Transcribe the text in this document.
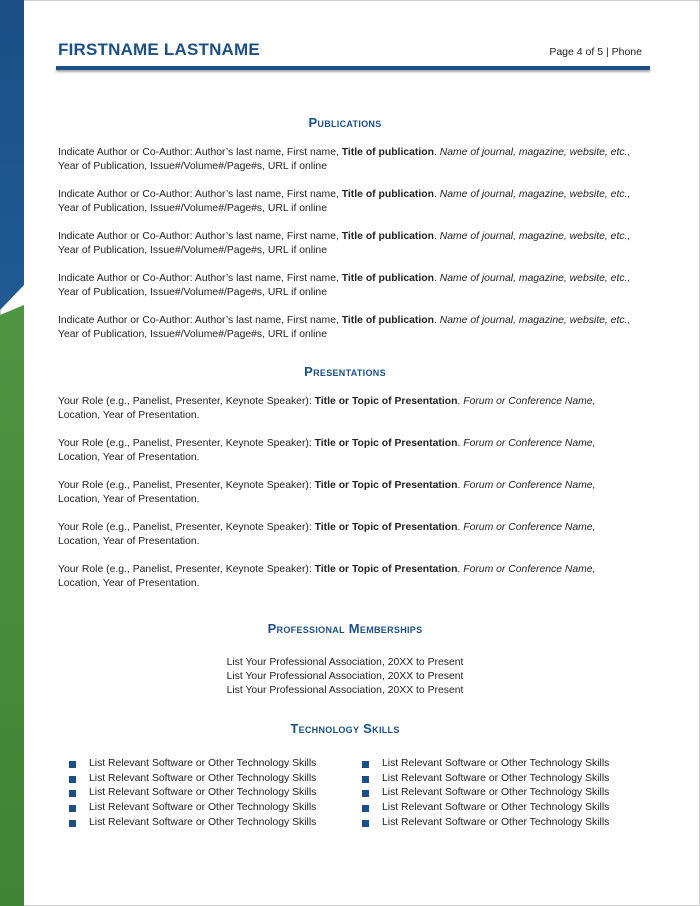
FIRSTNAME LASTNAME	Page 4 of 5 | Phone
Publications
Indicate Author or Co-Author: Author’s last name, First name, Title of publication. Name of journal, magazine, website, etc., Year of Publication, Issue#/Volume#/Page#s, URL if online
Indicate Author or Co-Author: Author’s last name, First name, Title of publication. Name of journal, magazine, website, etc., Year of Publication, Issue#/Volume#/Page#s, URL if online
Indicate Author or Co-Author: Author’s last name, First name, Title of publication. Name of journal, magazine, website, etc., Year of Publication, Issue#/Volume#/Page#s, URL if online
Indicate Author or Co-Author: Author’s last name, First name, Title of publication. Name of journal, magazine, website, etc., Year of Publication, Issue#/Volume#/Page#s, URL if online
Indicate Author or Co-Author: Author’s last name, First name, Title of publication. Name of journal, magazine, website, etc., Year of Publication, Issue#/Volume#/Page#s, URL if online
Presentations
Your Role (e.g., Panelist, Presenter, Keynote Speaker): Title or Topic of Presentation. Forum or Conference Name, Location, Year of Presentation.
Your Role (e.g., Panelist, Presenter, Keynote Speaker): Title or Topic of Presentation. Forum or Conference Name, Location, Year of Presentation.
Your Role (e.g., Panelist, Presenter, Keynote Speaker): Title or Topic of Presentation. Forum or Conference Name, Location, Year of Presentation.
Your Role (e.g., Panelist, Presenter, Keynote Speaker): Title or Topic of Presentation. Forum or Conference Name, Location, Year of Presentation.
Your Role (e.g., Panelist, Presenter, Keynote Speaker): Title or Topic of Presentation. Forum or Conference Name, Location, Year of Presentation.
Professional Memberships
List Your Professional Association, 20XX to Present
List Your Professional Association, 20XX to Present
List Your Professional Association, 20XX to Present
Technology Skills
List Relevant Software or Other Technology Skills
List Relevant Software or Other Technology Skills
List Relevant Software or Other Technology Skills
List Relevant Software or Other Technology Skills
List Relevant Software or Other Technology Skills
List Relevant Software or Other Technology Skills
List Relevant Software or Other Technology Skills
List Relevant Software or Other Technology Skills
List Relevant Software or Other Technology Skills
List Relevant Software or Other Technology Skills
